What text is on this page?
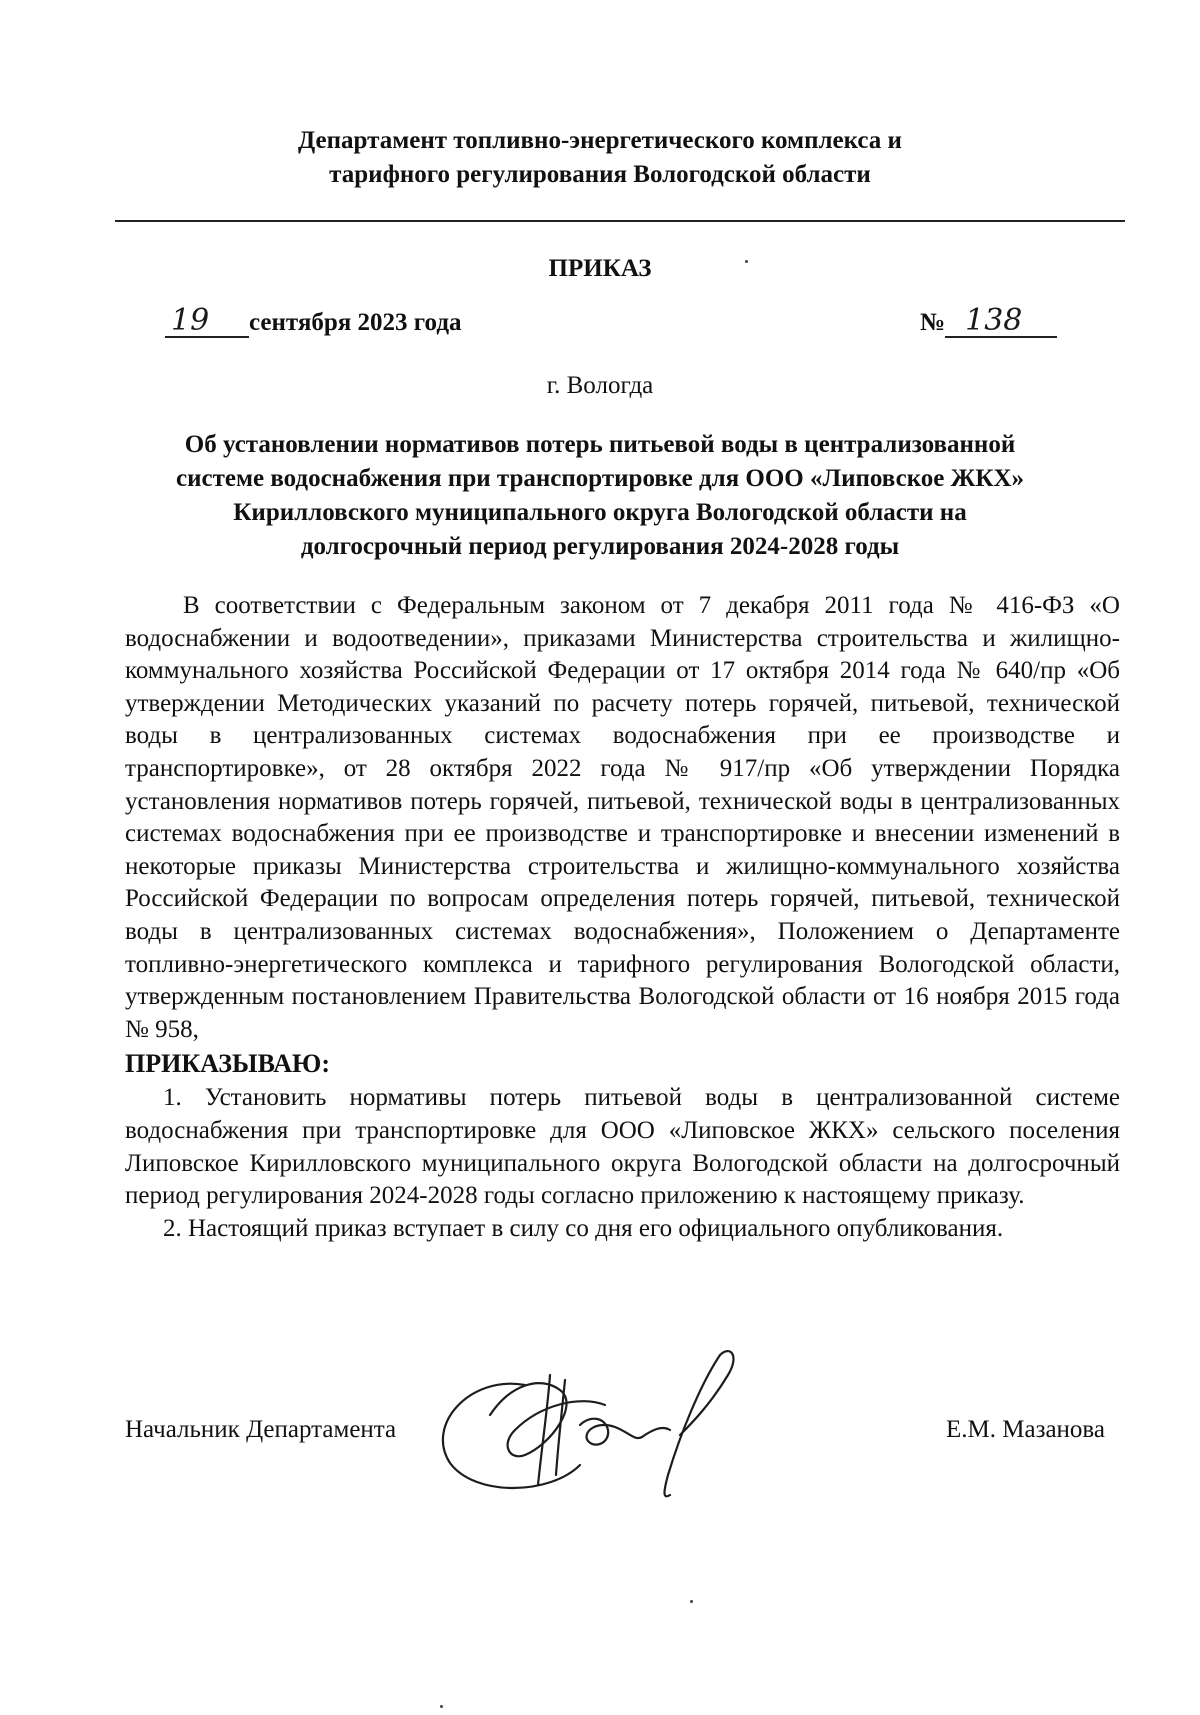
Департамент топливно-энергетического комплекса и
тарифного регулирования Вологодской области
ПРИКАЗ
19 сентября 2023 года	№ 138
г. Вологда
Об установлении нормативов потерь питьевой воды в централизованной
системе водоснабжения при транспортировке для ООО «Липовское ЖКХ»
Кирилловского муниципального округа Вологодской области на
долгосрочный период регулирования 2024-2028 годы

В соответствии с Федеральным законом от 7 декабря 2011 года № 416-ФЗ «О водоснабжении и водоотведении», приказами Министерства строительства и жилищно-коммунального хозяйства Российской Федерации от 17 октября 2014 года № 640/пр «Об утверждении Методических указаний по расчету потерь горячей, питьевой, технической воды в централизованных системах водоснабжения при ее производстве и транспортировке», от 28 октября 2022 года № 917/пр «Об утверждении Порядка установления нормативов потерь горячей, питьевой, технической воды в централизованных системах водоснабжения при ее производстве и транспортировке и внесении изменений в некоторые приказы Министерства строительства и жилищно-коммунального хозяйства Российской Федерации по вопросам определения потерь горячей, питьевой, технической воды в централизованных системах водоснабжения», Положением о Департаменте топливно-энергетического комплекса и тарифного регулирования Вологодской области, утвержденным постановлением Правительства Вологодской области от 16 ноября 2015 года № 958,

ПРИКАЗЫВАЮ:

1. Установить нормативы потерь питьевой воды в централизованной системе водоснабжения при транспортировке для ООО «Липовское ЖКХ» сельского поселения Липовское Кирилловского муниципального округа Вологодской области на долгосрочный период регулирования 2024-2028 годы согласно приложению к настоящему приказу.

2. Настоящий приказ вступает в силу со дня его официального опубликования.

Начальник Департамента	Е.М. Мазанова
